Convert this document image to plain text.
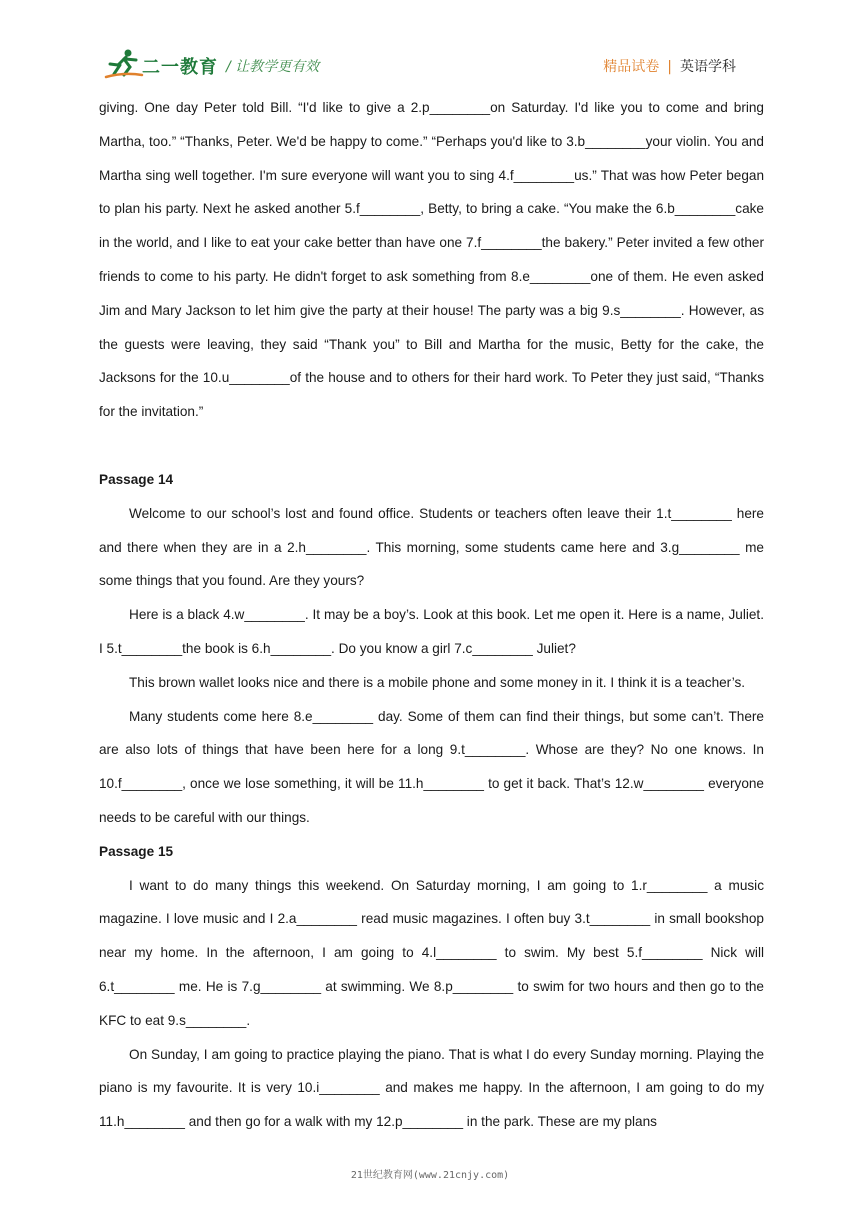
二一教育 / 让教学更有效	精品试卷 | 英语学科

giving. One day Peter told Bill. “I'd like to give a 2.p________on Saturday. I'd like you to come and bring Martha, too.” “Thanks, Peter. We'd be happy to come.” “Perhaps you'd like to 3.b________your violin. You and Martha sing well together. I'm sure everyone will want you to sing 4.f________us.” That was how Peter began to plan his party. Next he asked another 5.f________, Betty, to bring a cake. “You make the 6.b________cake in the world, and I like to eat your cake better than have one 7.f________the bakery.” Peter invited a few other friends to come to his party. He didn't forget to ask something from 8.e________one of them. He even asked Jim and Mary Jackson to let him give the party at their house! The party was a big 9.s________. However, as the guests were leaving, they said “Thank you” to Bill and Martha for the music, Betty for the cake, the Jacksons for the 10.u________of the house and to others for their hard work. To Peter they just said, “Thanks for the invitation.”

Passage 14

Welcome to our school’s lost and found office. Students or teachers often leave their 1.t________ here and there when they are in a 2.h________. This morning, some students came here and 3.g________ me some things that you found. Are they yours?

Here is a black 4.w________. It may be a boy’s. Look at this book. Let me open it. Here is a name, Juliet. I 5.t________the book is 6.h________. Do you know a girl 7.c________ Juliet?

This brown wallet looks nice and there is a mobile phone and some money in it. I think it is a teacher’s.

Many students come here 8.e________ day. Some of them can find their things, but some can’t. There are also lots of things that have been here for a long 9.t________. Whose are they? No one knows. In 10.f________, once we lose something, it will be 11.h________ to get it back. That’s 12.w________ everyone needs to be careful with our things.

Passage 15

I want to do many things this weekend. On Saturday morning, I am going to 1.r________ a music magazine. I love music and I 2.a________ read music magazines. I often buy 3.t________ in small bookshop near my home. In the afternoon, I am going to 4.l________ to swim. My best 5.f________ Nick will 6.t________ me. He is 7.g________ at swimming. We 8.p________ to swim for two hours and then go to the KFC to eat 9.s________.

On Sunday, I am going to practice playing the piano. That is what I do every Sunday morning. Playing the piano is my favourite. It is very 10.i________ and makes me happy. In the afternoon, I am going to do my 11.h________ and then go for a walk with my 12.p________ in the park. These are my plans

21世纪教育网(www.21cnjy.com)
